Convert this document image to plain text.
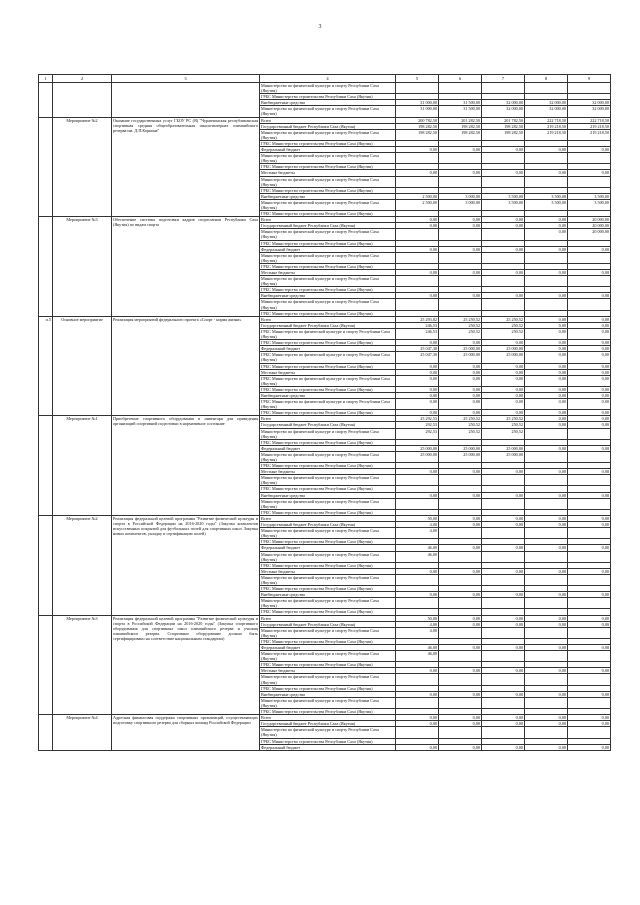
3
1	2	3	4	5	6	7	8	9
			Министерство по физической культуре и спорту Республики Саха (Якутия)					
			ГРБС Министерство строительства Республики Саха (Якутия)					
			Внебюджетные средства	31 000,00	31 500,00	32 000,00	32 000,00	32 000,00
			Министерство по физической культуре и спорту Республики Саха (Якутия)	31 000,00	31 500,00	32 000,00	32 000,00	32 000,00
	Мероприятие №2	Оказание государственных услуг ГБОУ РС (Я) "Чурапчинская республиканская спортивная средняя общеобразовательная школа-интернат олимпийского резерва им. Д.П.Коркина"	Всего	200 782,50	201 282,50	201 782,50	222 718,50	222 718,50
			Государственный бюджет Республики Саха (Якутия)	198 282,50	198 282,50	198 282,50	219 218,50	219 218,50
			Министерство по физической культуре и спорту Республики Саха (Якутия)	198 282,50	198 282,50	198 282,50	219 218,50	219 218,50
			ГРБС Министерство строительства Республики Саха (Якутия)					
			Федеральный бюджет	0,00	0,00	0,00	0,00	0,00
			Министерство по физической культуре и спорту Республики Саха (Якутия)					
			ГРБС Министерство строительства Республики Саха (Якутия)					
			Местные бюджеты	0,00	0,00	0,00	0,00	0,00
			Министерство по физической культуре и спорту Республики Саха (Якутия)					
			ГРБС Министерство строительства Республики Саха (Якутия)					
			Внебюджетные средства	2 500,00	3 000,00	3 500,00	3 500,00	3 500,00
			Министерство по физической культуре и спорту Республики Саха (Якутия)	2 500,00	3 000,00	3 500,00	3 500,00	3 500,00
			ГРБС Министерство строительства Республики Саха (Якутия)					
	Мероприятие №3	Обеспечение системы подготовки кадров спортсменов Республики Саха (Якутия) по видам спорта	Всего	0,00	0,00	0,00	0,00	20 000,00
			Государственный бюджет Республики Саха (Якутия)	0,00	0,00	0,00	0,00	20 000,00
			Министерство по физической культуре и спорту Республики Саха (Якутия)				0,00	20 000,00
			ГРБС Министерство строительства Республики Саха (Якутия)					
			Федеральный бюджет	0,00	0,00	0,00	0,00	0,00
			Министерство по физической культуре и спорту Республики Саха (Якутия)					
			ГРБС Министерство строительства Республики Саха (Якутия)					
			Местные бюджеты	0,00	0,00	0,00	0,00	0,00
			Министерство по физической культуре и спорту Республики Саха (Якутия)					
			ГРБС Министерство строительства Республики Саха (Якутия)					
			Внебюджетные средства	0,00	0,00	0,00	0,00	0,00
			Министерство по физической культуре и спорту Республики Саха (Якутия)					
			ГРБС Министерство строительства Республики Саха (Якутия)					
п.5	Основное мероприятие	Реализация мероприятий федерального проекта «Спорт - норма жизни»	Всего	25 293,82	25 250,52	25 250,52	0,00	0,00
			Государственный бюджет Республики Саха (Якутия)	246,53	250,52	250,52	0,00	0,00
			ГРБС Министерство по физической культуре и спорту Республики Саха (Якутия)	246,53	250,52	250,52	0,00	0,00
			ГРБС Министерство строительства Республики Саха (Якутия)	0,00	0,00	0,00	0,00	0,00
			Федеральный бюджет	25 047,30	25 000,00	25 000,00	0,00	0,00
			ГРБС Министерство по физической культуре и спорту Республики Саха (Якутия)	25 047,30	25 000,00	25 000,00	0,00	0,00
			ГРБС Министерство строительства Республики Саха (Якутия)	0,00	0,00	0,00	0,00	0,00
			Местные бюджеты	0,00	0,00	0,00	0,00	0,00
			ГРБС Министерство по физической культуре и спорту Республики Саха (Якутия)	0,00	0,00	0,00	0,00	0,00
			ГРБС Министерство строительства Республики Саха (Якутия)	0,00	0,00	0,00	0,00	0,00
			Внебюджетные средства	0,00	0,00	0,00	0,00	0,00
			ГРБС Министерство по физической культуре и спорту Республики Саха (Якутия)	0,00	0,00	0,00	0,00	0,00
			ГРБС Министерство строительства Республики Саха (Якутия)	0,00	0,00	0,00	0,00	0,00
	Мероприятие №1	Приобретение спортивного оборудования и инвентаря для приведения организаций спортивной подготовки в нормативное состояние	Всего	25 292,53	25 250,52	25 250,52	0,00	0,00
			Государственный бюджет Республики Саха (Якутия)	292,53	250,52	250,52	0,00	0,00
			Министерство по физической культуре и спорту Республики Саха (Якутия)	292,53	250,52	250,52		
			ГРБС Министерство строительства Республики Саха (Якутия)					
			Федеральный бюджет	25 000,00	25 000,00	25 000,00	0,00	0,00
			Министерство по физической культуре и спорту Республики Саха (Якутия)	25 000,00	25 000,00	25 000,00		
			ГРБС Министерство строительства Республики Саха (Якутия)					
			Местные бюджеты	0,00	0,00	0,00	0,00	0,00
			Министерство по физической культуре и спорту Республики Саха (Якутия)					
			ГРБС Министерство строительства Республики Саха (Якутия)					
			Внебюджетные средства	0,00	0,00	0,00	0,00	0,00
			Министерство по физической культуре и спорту Республики Саха (Якутия)					
			ГРБС Министерство строительства Республики Саха (Якутия)					
	Мероприятие №2	Реализация федеральной целевой программы "Развитие физической культуры и спорта в Российской Федерации на 2016-2020 годы" (Закупка комплектов искусственных покрытий для футбольных полей для спортивных школ. Закупка новых комплектов, укладку и сертификацию полей)	Всего	50,00	0,00	0,00	0,00	0,00
			Государственный бюджет Республики Саха (Якутия)	4,00	0,00	0,00	0,00	0,00
			Министерство по физической культуре и спорту Республики Саха (Якутия)	4,00				
			ГРБС Министерство строительства Республики Саха (Якутия)					
			Федеральный бюджет	46,00	0,00	0,00	0,00	0,00
			Министерство по физической культуре и спорту Республики Саха (Якутия)	46,00				
			ГРБС Министерство строительства Республики Саха (Якутия)					
			Местные бюджеты	0,00	0,00	0,00	0,00	0,00
			Министерство по физической культуре и спорту Республики Саха (Якутия)					
			ГРБС Министерство строительства Республики Саха (Якутия)					
			Внебюджетные средства	0,00	0,00	0,00	0,00	0,00
			Министерство по физической культуре и спорту Республики Саха (Якутия)					
			ГРБС Министерство строительства Республики Саха (Якутия)					
	Мероприятие №3	Реализация федеральной целевой программы "Развитие физической культуры и спорта в Российской Федерации на 2016-2020 годы" (Закупка спортивного оборудования для спортивных школ олимпийского резерва и училищ олимпийского резерва. Спортивное оборудование должно быть сертифицировано на соответствие национальным стандартам)	Всего	50,00	0,00	0,00	0,00	0,00
			Государственный бюджет Республики Саха (Якутия)	4,00	0,00	0,00	0,00	0,00
			Министерство по физической культуре и спорту Республики Саха (Якутия)	4,00				
			ГРБС Министерство строительства Республики Саха (Якутия)					
			Федеральный бюджет	46,00	0,00	0,00	0,00	0,00
			Министерство по физической культуре и спорту Республики Саха (Якутия)	46,00				
			ГРБС Министерство строительства Республики Саха (Якутия)					
			Местные бюджеты	0,00	0,00	0,00	0,00	0,00
			Министерство по физической культуре и спорту Республики Саха (Якутия)					
			ГРБС Министерство строительства Республики Саха (Якутия)					
			Внебюджетные средства	0,00	0,00	0,00	0,00	0,00
			Министерство по физической культуре и спорту Республики Саха (Якутия)					
			ГРБС Министерство строительства Республики Саха (Якутия)					
	Мероприятие №4	Адресная финансовая поддержка спортивных организаций, осуществляющих подготовку спортивного резерва для сборных команд Российской Федерации	Всего	0,00	0,00	0,00	0,00	0,00
			Государственный бюджет Республики Саха (Якутия)	0,00	0,00	0,00	0,00	0,00
			Министерство по физической культуре и спорту Республики Саха (Якутия)					
			ГРБС Министерство строительства Республики Саха (Якутия)					
			Федеральный бюджет	0,00	0,00	0,00	0,00	0,00
